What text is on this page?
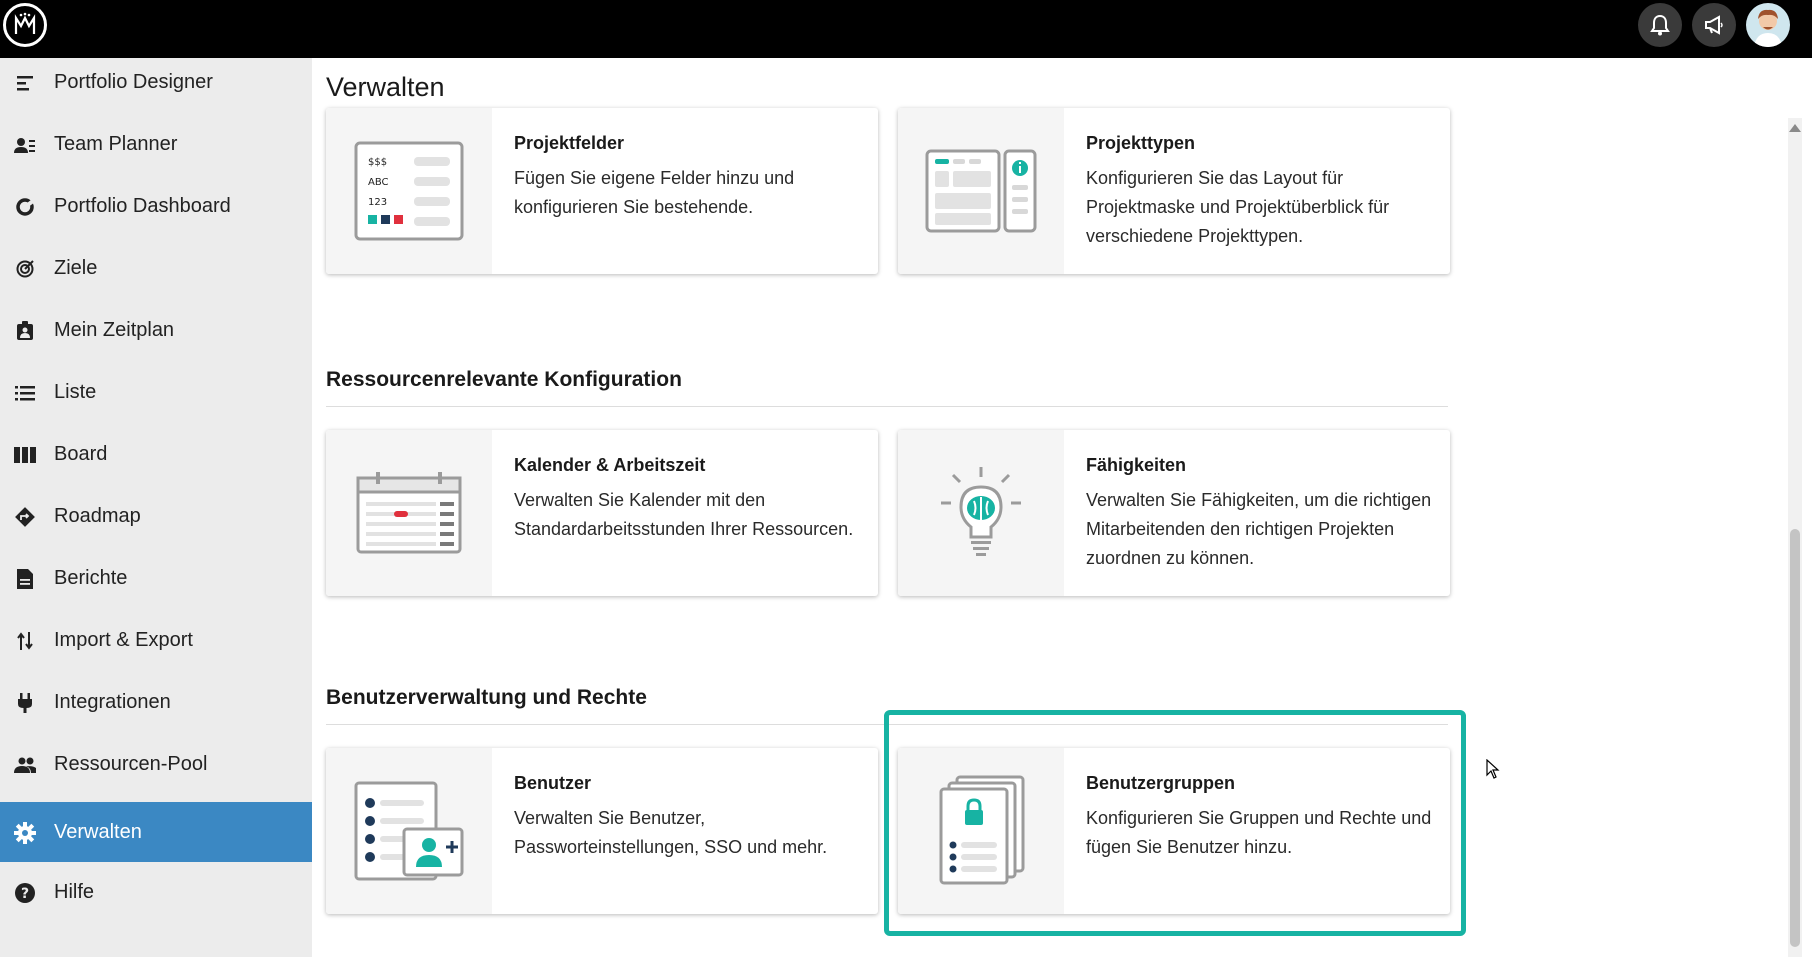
Portfolio Designer
Team Planner
Portfolio Dashboard
Ziele
Mein Zeitplan
Liste
Board
Roadmap
Berichte
Import & Export
Integrationen
Ressourcen-Pool
Verwalten
? Hilfe
Verwalten
$$$
ABC
123
Projektfelder
Fügen Sie eigene Felder hinzu und konfigurieren Sie bestehende.
Projekttypen
Konfigurieren Sie das Layout für Projektmaske und Projektüberblick für verschiedene Projekttypen.
Ressourcenrelevante Konfiguration
Kalender & Arbeitszeit
Verwalten Sie Kalender mit den Standardarbeitsstunden Ihrer Ressourcen.
Fähigkeiten
Verwalten Sie Fähigkeiten, um die richtigen Mitarbeitenden den richtigen Projekten zuordnen zu können.
Benutzerverwaltung und Rechte
Benutzer
Verwalten Sie Benutzer, Passworteinstellungen, SSO und mehr.
Benutzergruppen
Konfigurieren Sie Gruppen und Rechte und fügen Sie Benutzer hinzu.
